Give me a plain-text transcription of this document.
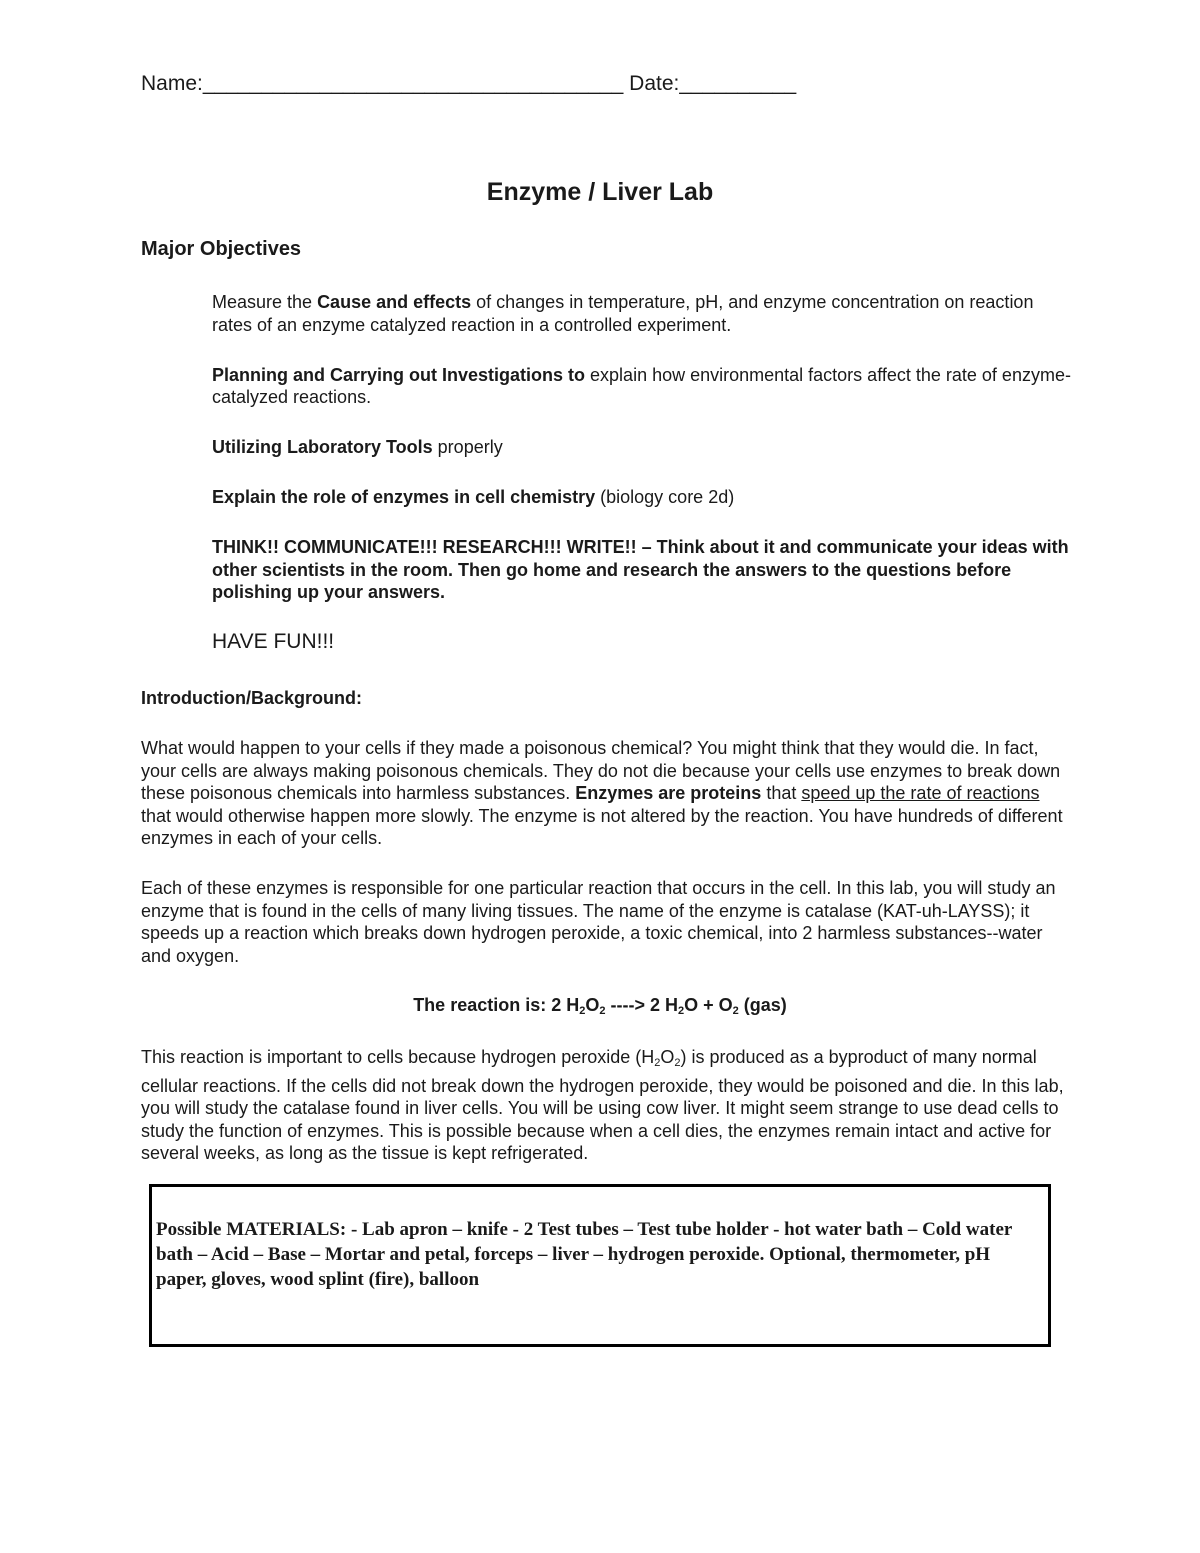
Name:____________________________________ Date:__________
Enzyme / Liver Lab
Major Objectives

Measure the Cause and effects of changes in temperature, pH, and enzyme concentration on reaction rates of an enzyme catalyzed reaction in a controlled experiment.

Planning and Carrying out Investigations to explain how environmental factors affect the rate of enzyme-catalyzed reactions.

Utilizing Laboratory Tools properly

Explain the role of enzymes in cell chemistry (biology core 2d)

THINK!! COMMUNICATE!!! RESEARCH!!! WRITE!! – Think about it and communicate your ideas with other scientists in the room. Then go home and research the answers to the questions before polishing up your answers.

HAVE FUN!!!

Introduction/Background:

What would happen to your cells if they made a poisonous chemical? You might think that they would die. In fact, your cells are always making poisonous chemicals. They do not die because your cells use enzymes to break down these poisonous chemicals into harmless substances. Enzymes are proteins that speed up the rate of reactions that would otherwise happen more slowly. The enzyme is not altered by the reaction. You have hundreds of different enzymes in each of your cells.

Each of these enzymes is responsible for one particular reaction that occurs in the cell. In this lab, you will study an enzyme that is found in the cells of many living tissues. The name of the enzyme is catalase (KAT-uh-LAYSS); it speeds up a reaction which breaks down hydrogen peroxide, a toxic chemical, into 2 harmless substances--water and oxygen.

The reaction is: 2 $H_2O_2$ ----> 2 $H_2O + O_2$ (gas)

This reaction is important to cells because hydrogen peroxide $(H_2O_2)$ is produced as a byproduct of many normal cellular reactions. If the cells did not break down the hydrogen peroxide, they would be poisoned and die. In this lab, you will study the catalase found in liver cells. You will be using cow liver. It might seem strange to use dead cells to study the function of enzymes. This is possible because when a cell dies, the enzymes remain intact and active for several weeks, as long as the tissue is kept refrigerated.

Possible MATERIALS: - Lab apron – knife - 2 Test tubes – Test tube holder - hot water bath – Cold water bath – Acid – Base – Mortar and petal, forceps – liver – hydrogen peroxide. Optional, thermometer, pH paper, gloves, wood splint (fire), balloon
